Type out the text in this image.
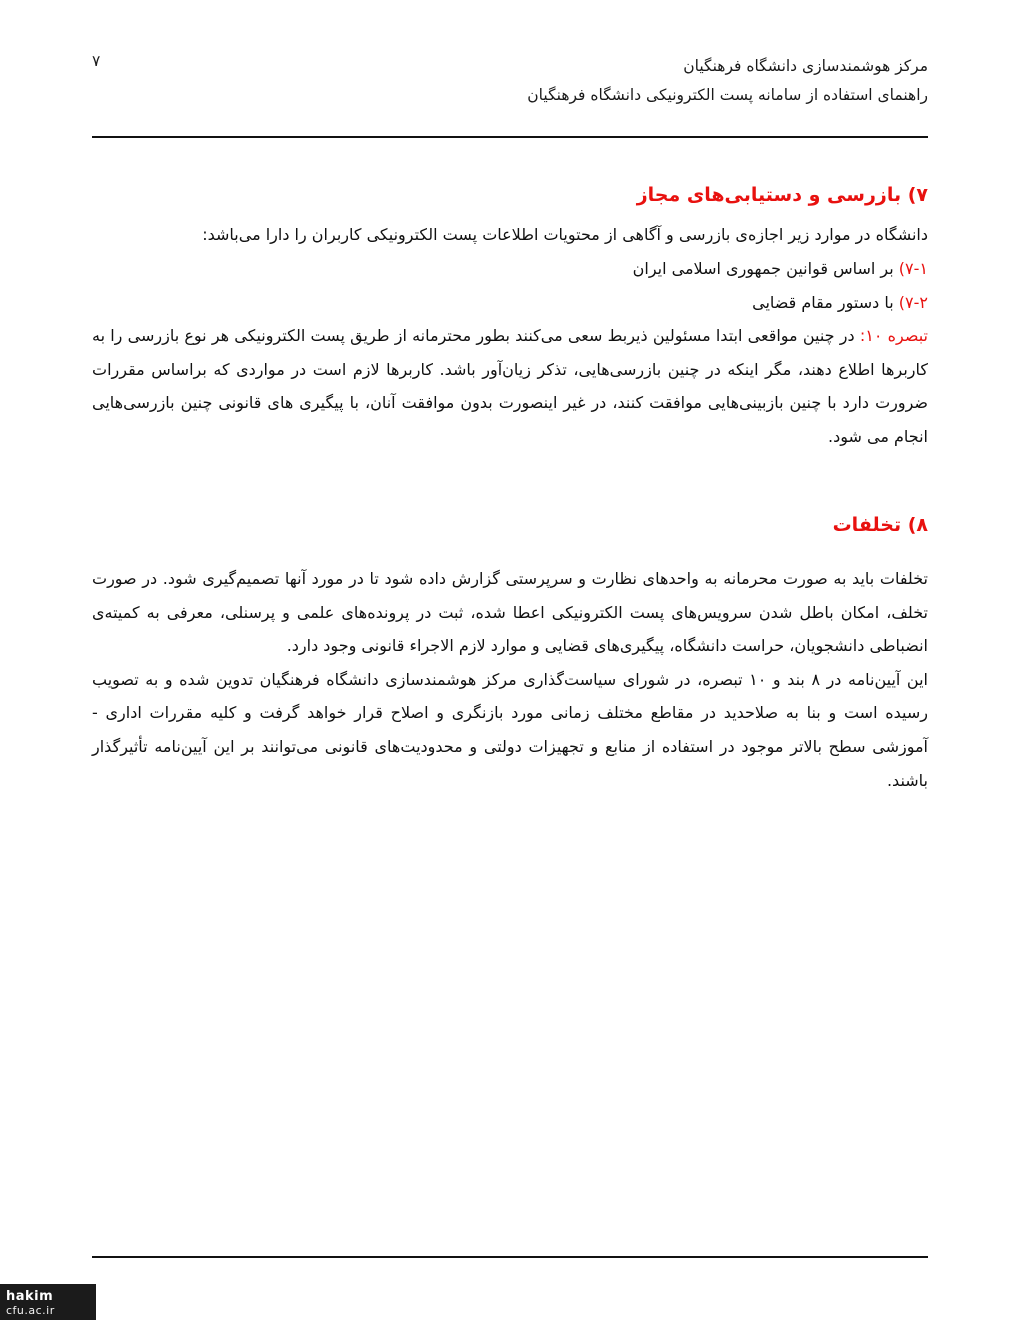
۷	مرکز هوشمندسازی دانشگاه فرهنگیان
راهنمای استفاده از سامانه پست الکترونیکی دانشگاه فرهنگیان
۷) بازرسی و دستیابی‌های مجاز

دانشگاه در موارد زیر اجازه‌ی بازرسی و آگاهی از محتویات اطلاعات پست الکترونیکی کاربران را دارا می‌باشد:

۷-۱) بر اساس قوانین جمهوری اسلامی ایران

۷-۲) با دستور مقام قضایی

تبصره ۱۰: در چنین مواقعی ابتدا مسئولین ذیربط سعی می‌کنند بطور محترمانه از طریق پست الکترونیکی هر نوع بازرسی را به کاربرها اطلاع دهند، مگر اینکه در چنین بازرسی‌هایی، تذکر زیان‌آور باشد. کاربرها لازم است در مواردی که براساس مقررات ضرورت دارد با چنین بازبینی‌هایی موافقت کنند، در غیر اینصورت بدون موافقت آنان، با پیگیری های قانونی چنین بازرسی‌هایی انجام می شود.

۸) تخلفات

تخلفات باید به صورت محرمانه به واحدهای نظارت و سرپرستی گزارش داده شود تا در مورد آنها تصمیم‌گیری شود. در صورت تخلف، امکان باطل شدن سرویس‌های پست الکترونیکی اعطا شده، ثبت در پرونده‌های علمی و پرسنلی، معرفی به کمیته‌ی انضباطی دانشجویان، حراست دانشگاه، پیگیری‌های قضایی و موارد لازم الاجراء قانونی وجود دارد.

این آیین‌نامه در ۸ بند و ۱۰ تبصره، در شورای سیاست‌گذاری مرکز هوشمندسازی دانشگاه فرهنگیان تدوین شده و به تصویب رسیده است و بنا به صلاحدید در مقاطع مختلف زمانی مورد بازنگری و اصلاح قرار خواهد گرفت و کلیه مقررات اداری - آموزشی سطح بالاتر موجود در استفاده از منابع و تجهیزات دولتی و محدودیت‌های قانونی می‌توانند بر این آیین‌نامه تأثیرگذار باشند.

hakim
cfu.ac.ir
